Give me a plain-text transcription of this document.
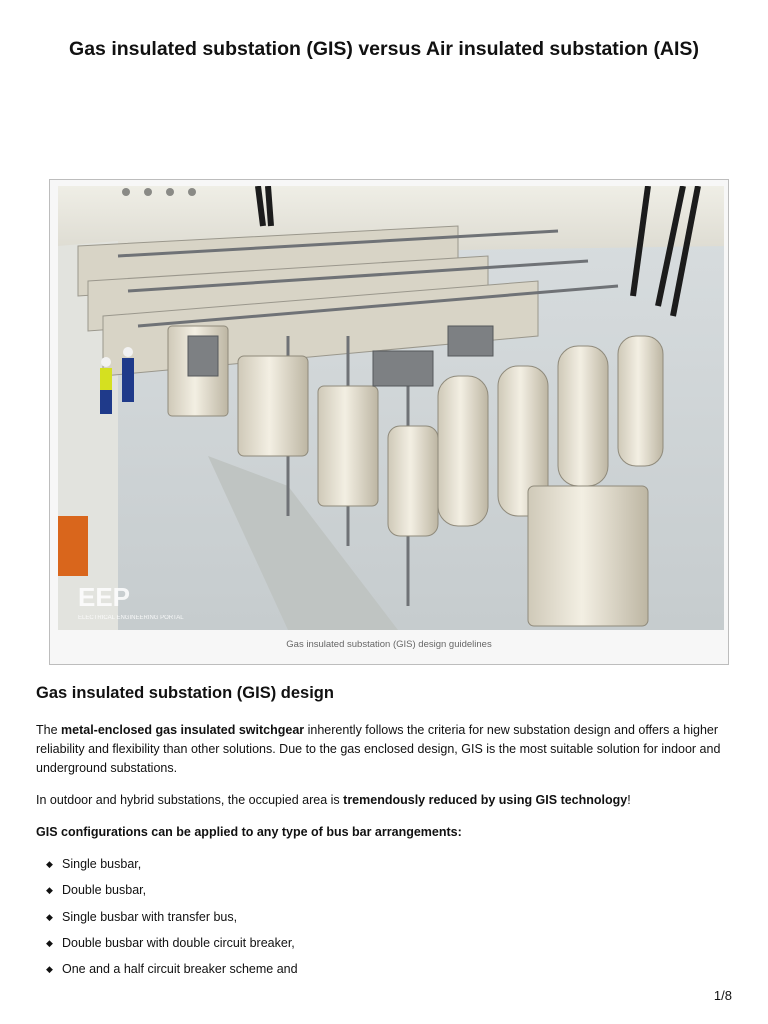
Gas insulated substation (GIS) versus Air insulated substation (AIS)
EEP
ELECTRICAL ENGINEERING PORTAL
Gas insulated substation (GIS) design guidelines
Gas insulated substation (GIS) design

The metal-enclosed gas insulated switchgear inherently follows the criteria for new substation design and offers a higher reliability and flexibility than other solutions. Due to the gas enclosed design, GIS is the most suitable solution for indoor and underground substations.

In outdoor and hybrid substations, the occupied area is tremendously reduced by using GIS technology!

GIS configurations can be applied to any type of bus bar arrangements:

◆ Single busbar,
◆ Double busbar,
◆ Single busbar with transfer bus,
◆ Double busbar with double circuit breaker,
◆ One and a half circuit breaker scheme and
1/8
